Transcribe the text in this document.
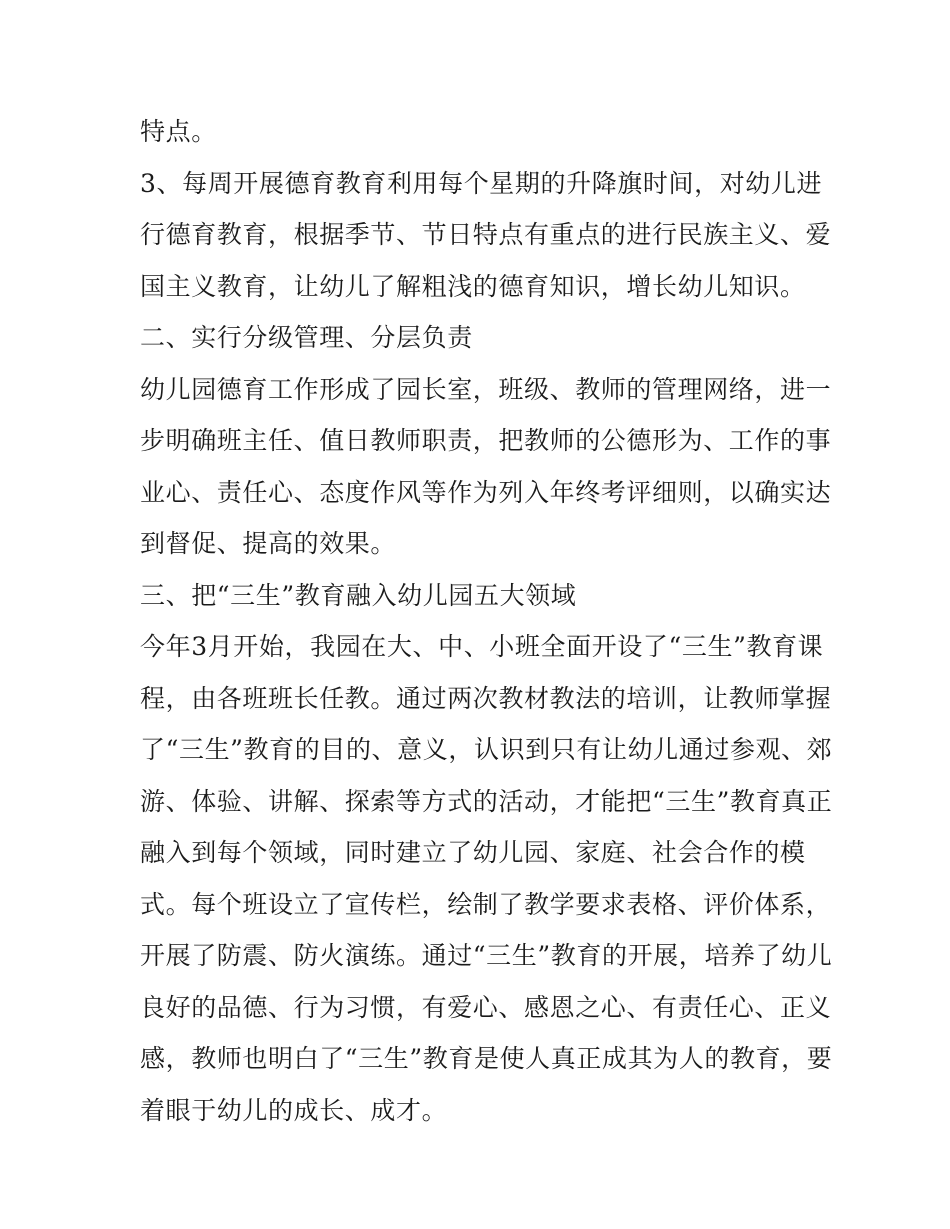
特点。
3、每周开展德育教育利用每个星期的升降旗时间，对幼儿进
行德育教育，根据季节、节日特点有重点的进行民族主义、爱
国主义教育，让幼儿了解粗浅的德育知识，增长幼儿知识。
二、实行分级管理、分层负责
幼儿园德育工作形成了园长室，班级、教师的管理网络，进一
步明确班主任、值日教师职责，把教师的公德形为、工作的事
业心、责任心、态度作风等作为列入年终考评细则，以确实达
到督促、提高的效果。
三、把“三生”教育融入幼儿园五大领域
今年3月开始，我园在大、中、小班全面开设了“三生”教育课
程，由各班班长任教。通过两次教材教法的培训，让教师掌握
了“三生”教育的目的、意义，认识到只有让幼儿通过参观、郊
游、体验、讲解、探索等方式的活动，才能把“三生”教育真正
融入到每个领域，同时建立了幼儿园、家庭、社会合作的模
式。每个班设立了宣传栏，绘制了教学要求表格、评价体系，
开展了防震、防火演练。通过“三生”教育的开展，培养了幼儿
良好的品德、行为习惯，有爱心、感恩之心、有责任心、正义
感，教师也明白了“三生”教育是使人真正成其为人的教育，要
着眼于幼儿的成长、成才。
